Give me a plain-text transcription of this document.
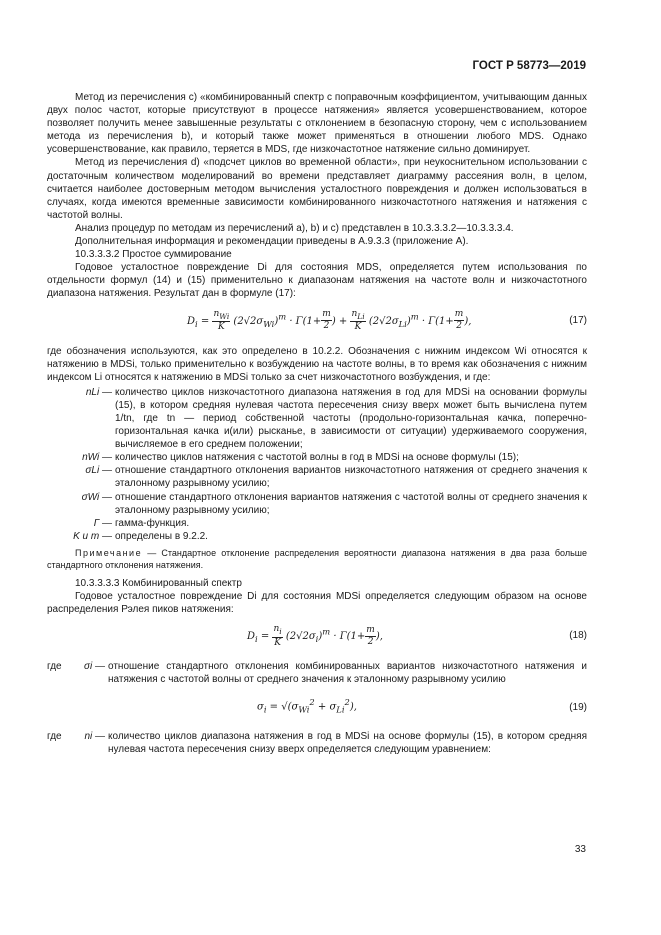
ГОСТ Р 58773—2019

Метод из перечисления c) «комбинированный спектр с поправочным коэффициентом, учитывающим данных двух полос частот, которые присутствуют в процессе натяжения» является усовершенствованием, которое позволяет получить менее завышенные результаты с отклонением в безопасную сторону, чем с использованием метода из перечисления b), и который также может применяться в отношении любого MDS. Однако усовершенствование, как правило, теряется в MDS, где низкочастотное натяжение сильно доминирует.

Метод из перечисления d) «подсчет циклов во временной области», при неукоснительном использовании с достаточным количеством моделирований во времени представляет диаграмму рассеяния волн, в целом, считается наиболее достоверным методом вычисления усталостного повреждения и должен использоваться в случаях, когда имеются временные зависимости комбинированного низкочастотного натяжения и натяжения с частотой волны.

Анализ процедур по методам из перечислений a), b) и c) представлен в 10.3.3.3.2—10.3.3.3.4.

Дополнительная информация и рекомендации приведены в A.9.3.3 (приложение A).

10.3.3.3.2 Простое суммирование

Годовое усталостное повреждение Di для состояния MDS, определяется путем использования по отдельности формул (14) и (15) применительно к диапазонам натяжения на частоте волн и низкочастотного диапазона натяжения. Результат дан в формуле (17):

$D_i = \frac{n_{Wi}}{K} (2√2\sigma_{Wi})^m \cdot \Gamma(1+ \frac{m}{2}$ ) + $\frac{n_{Li}}{K} (2√2\sigma_{Li})^m \cdot \Gamma(1+ \frac{m}{2}$ ),	(17)

где обозначения используются, как это определено в 10.2.2. Обозначения с нижним индексом Wi относятся к натяжению в MDSi, только применительно к возбуждению на частоте волны, в то время как обозначения с нижним индексом Li относятся к натяжению в MDSi только за счет низкочастотного возбуждения, и где:

nLi — количество циклов низкочастотного диапазона натяжения в год для MDSi на основании формулы (15), в котором средняя нулевая частота пересечения снизу вверх может быть вычислена путем 1/tn, где tn — период собственной частоты (продольно-горизонтальная качка, поперечно-горизонтальная качка и(или) рысканье, в зависимости от ситуации) удерживаемого сооружения, вычисляемое в его среднем положении;
nWi — количество циклов натяжения с частотой волны в год в MDSi на основе формулы (15);
σLi — отношение стандартного отклонения вариантов низкочастотного натяжения от среднего значения к эталонному разрывному усилию;
σWi — отношение стандартного отклонения вариантов натяжения с частотой волны от среднего значения к эталонному разрывному усилию;
Г — гамма-функция.
K и m — определены в 9.2.2.

Примечание — Стандартное отклонение распределения вероятности диапазона натяжения в два раза больше стандартного отклонения натяжения.

10.3.3.3.3 Комбинированный спектр

Годовое усталостное повреждение Di для состояния MDSi определяется следующим образом на основе распределения Рэлея пиков натяжения:

$D_i = \frac{n_i}{K} (2√2\sigma_i)^m \cdot \Gamma(1+ \frac{m}{2}$ ),	(18)
где	σi — отношение стандартного отклонения комбинированных вариантов низкочастотного натяжения и натяжения с частотой волны от среднего значения к эталонному разрывному усилию
$\sigma_i = √(\sigma_{Wi}^2 + \sigma_{Li}^2)$,	(19)
где	ni — количество циклов диапазона натяжения в год в MDSi на основе формулы (15), в котором средняя нулевая частота пересечения снизу вверх определяется следующим уравнением:
33
